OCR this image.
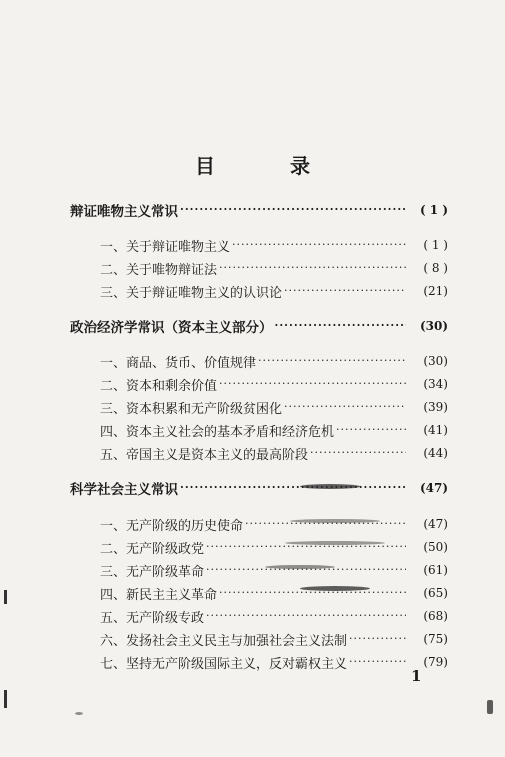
目 录
辩证唯物主义常识 ·····	( 1 )
一、关于辩证唯物主义 ·····	( 1 )
二、关于唯物辩证法 ·····	( 8 )
三、关于辩证唯物主义的认识论 ·····	(21)
政治经济学常识（资本主义部分） ·····	(30)
一、商品、货币、价值规律 ·····	(30)
二、资本和剩余价值 ·····	(34)
三、资本积累和无产阶级贫困化 ·····	(39)
四、资本主义社会的基本矛盾和经济危机 ·····	(41)
五、帝国主义是资本主义的最高阶段 ·····	(44)
科学社会主义常识 ·····	(47)
一、无产阶级的历史使命 ·····	(47)
二、无产阶级政党 ·····	(50)
三、无产阶级革命 ·····	(61)
四、新民主主义革命 ·····	(65)
五、无产阶级专政 ·····	(68)
六、发扬社会主义民主与加强社会主义法制 ·····	(75)
七、坚持无产阶级国际主义，反对霸权主义 ·····	(79)
1
